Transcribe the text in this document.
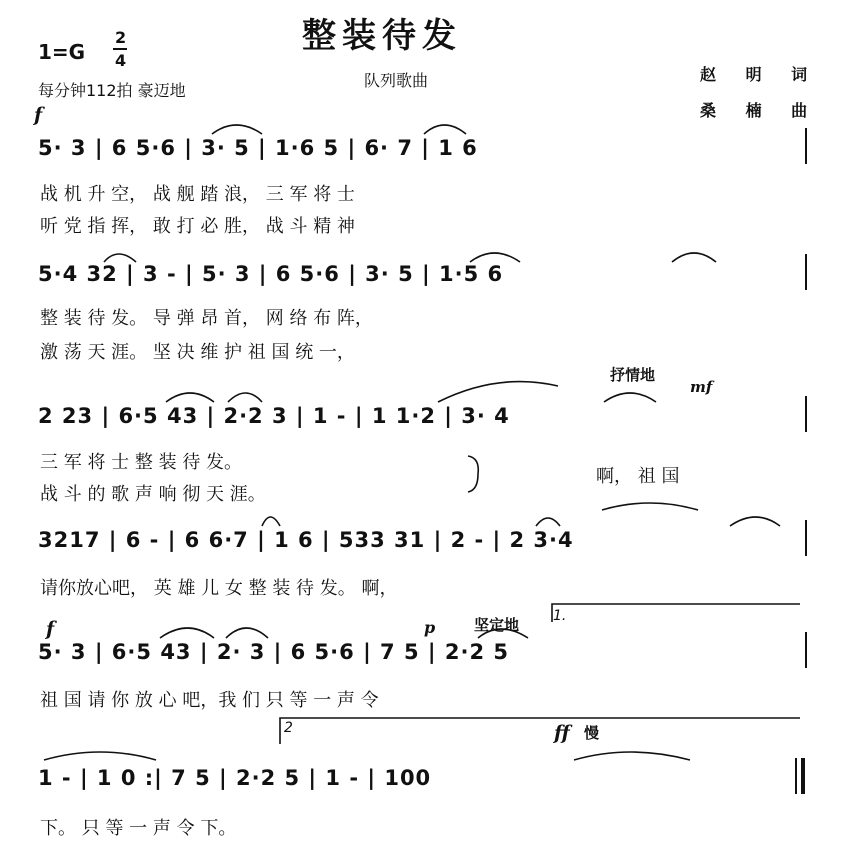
整装待发
1=G
2
4
每分钟112拍 豪迈地
队列歌曲	赵 明 词
桑 楠 曲
f
抒情地
mf
f	p	坚定地
ff 慢
1.
2
5· 3 | 6 5·6 | 3· 5 | 1·6 5 | 6· 7 | 1 6
战 机 升 空， 战 舰 踏 浪， 三 军 将 士
听 党 指 挥， 敢 打 必 胜， 战 斗 精 神
5·4 32 | 3 - | 5· 3 | 6 5·6 | 3· 5 | 1·5 6
整 装 待 发。 导 弹 昂 首， 网 络 布 阵，
激 荡 天 涯。 坚 决 维 护 祖 国 统 一，
2 23 | 6·5 43 | 2·2 3 | 1 - | 1 1·2 | 3· 4
三 军 将 士 整 装 待 发。
战 斗 的 歌 声 响 彻 天 涯。
啊， 祖 国
3217 | 6 - | 6 6·7 | 1 6 | 533 31 | 2 - | 2 3·4
请你放心吧， 英 雄 儿 女 整 装 待 发。 啊，
5· 3 | 6·5 43 | 2· 3 | 6 5·6 | 7 5 | 2·2 5
祖 国 请 你 放 心 吧，我 们 只 等 一 声 令
1 - | 1 0 :| 7 5 | 2·2 5 | 1 - | 100
下。 只 等 一 声 令 下。
